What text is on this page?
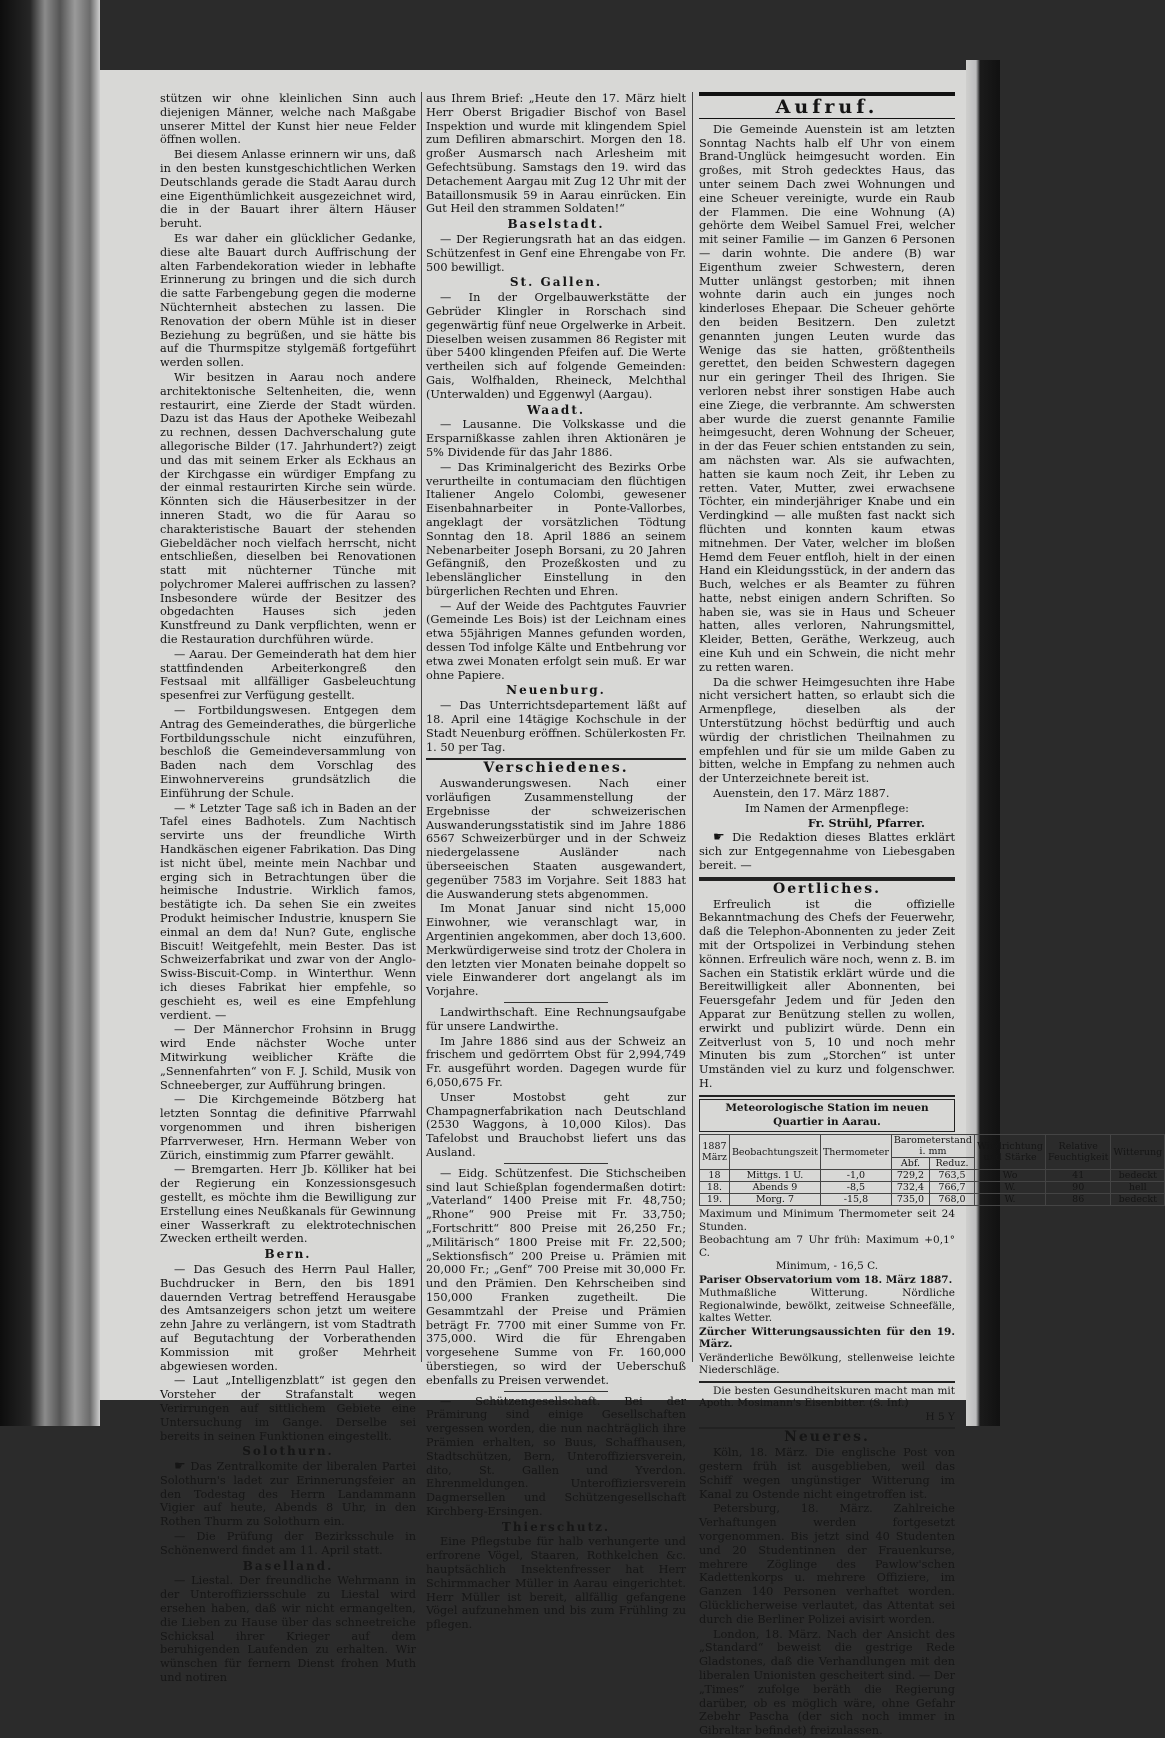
stützen wir ohne kleinlichen Sinn auch diejenigen Männer, welche nach Maßgabe unserer Mittel der Kunst hier neue Felder öffnen wollen.

Bei diesem Anlasse erinnern wir uns, daß in den besten kunstgeschichtlichen Werken Deutschlands gerade die Stadt Aarau durch eine Eigenthümlichkeit ausgezeichnet wird, die in der Bauart ihrer ältern Häuser beruht.

Es war daher ein glücklicher Gedanke, diese alte Bauart durch Auffrischung der alten Farbendekoration wieder in lebhafte Erinnerung zu bringen und die sich durch die satte Farbengebung gegen die moderne Nüchternheit abstechen zu lassen. Die Renovation der obern Mühle ist in dieser Beziehung zu begrüßen, und sie hätte bis auf die Thurmspitze stylgemäß fortgeführt werden sollen.

Wir besitzen in Aarau noch andere architektonische Seltenheiten, die, wenn restaurirt, eine Zierde der Stadt würden. Dazu ist das Haus der Apotheke Weibezahl zu rechnen, dessen Dachverschalung gute allegorische Bilder (17. Jahrhundert?) zeigt und das mit seinem Erker als Eckhaus an der Kirchgasse ein würdiger Empfang zu der einmal restaurirten Kirche sein würde. Könnten sich die Häuserbesitzer in der inneren Stadt, wo die für Aarau so charakteristische Bauart der stehenden Giebeldächer noch vielfach herrscht, nicht entschließen, dieselben bei Renovationen statt mit nüchterner Tünche mit polychromer Malerei auffrischen zu lassen? Insbesondere würde der Besitzer des obgedachten Hauses sich jeden Kunstfreund zu Dank verpflichten, wenn er die Restauration durchführen würde.

— Aarau. Der Gemeinderath hat dem hier stattfindenden Arbeiterkongreß den Festsaal mit allfälliger Gasbeleuchtung spesenfrei zur Verfügung gestellt.

— Fortbildungswesen. Entgegen dem Antrag des Gemeinderathes, die bürgerliche Fortbildungsschule nicht einzuführen, beschloß die Gemeindeversammlung von Baden nach dem Vorschlag des Einwohnervereins grundsätzlich die Einführung der Schule.

— * Letzter Tage saß ich in Baden an der Tafel eines Badhotels. Zum Nachtisch servirte uns der freundliche Wirth Handkäschen eigener Fabrikation. Das Ding ist nicht übel, meinte mein Nachbar und erging sich in Betrachtungen über die heimische Industrie. Wirklich famos, bestätigte ich. Da sehen Sie ein zweites Produkt heimischer Industrie, knuspern Sie einmal an dem da! Nun? Gute, englische Biscuit! Weitgefehlt, mein Bester. Das ist Schweizerfabrikat und zwar von der Anglo-Swiss-Biscuit-Comp. in Winterthur. Wenn ich dieses Fabrikat hier empfehle, so geschieht es, weil es eine Empfehlung verdient. —

— Der Männerchor Frohsinn in Brugg wird Ende nächster Woche unter Mitwirkung weiblicher Kräfte die „Sennenfahrten“ von F. J. Schild, Musik von Schneeberger, zur Aufführung bringen.

— Die Kirchgemeinde Bötzberg hat letzten Sonntag die definitive Pfarrwahl vorgenommen und ihren bisherigen Pfarrverweser, Hrn. Hermann Weber von Zürich, einstimmig zum Pfarrer gewählt.

— Bremgarten. Herr Jb. Kölliker hat bei der Regierung ein Konzessionsgesuch gestellt, es möchte ihm die Bewilligung zur Erstellung eines Neußkanals für Gewinnung einer Wasserkraft zu elektrotechnischen Zwecken ertheilt werden.

Bern.

— Das Gesuch des Herrn Paul Haller, Buchdrucker in Bern, den bis 1891 dauernden Vertrag betreffend Herausgabe des Amtsanzeigers schon jetzt um weitere zehn Jahre zu verlängern, ist vom Stadtrath auf Begutachtung der Vorberathenden Kommission mit großer Mehrheit abgewiesen worden.

— Laut „Intelligenzblatt“ ist gegen den Vorsteher der Strafanstalt wegen Verirrungen auf sittlichem Gebiete eine Untersuchung im Gange. Derselbe sei bereits in seinen Funktionen eingestellt.

Solothurn.

☛ Das Zentralkomite der liberalen Partei Solothurn's ladet zur Erinnerungsfeier an den Todestag des Herrn Landammann Vigier auf heute, Abends 8 Uhr, in den Rothen Thurm zu Solothurn ein.

— Die Prüfung der Bezirksschule in Schönenwerd findet am 11. April statt.

Baselland.

— Liestal. Der freundliche Wehrmann in der Unteroffiziersschule zu Liestal wird ersehen haben, daß wir nicht ermangelten, die Lieben zu Hause über das schneetreiche Schicksal ihrer Krieger auf dem beruhigenden Laufenden zu erhalten. Wir wünschen für fernern Dienst frohen Muth und notiren

aus Ihrem Brief: „Heute den 17. März hielt Herr Oberst Brigadier Bischof von Basel Inspektion und wurde mit klingendem Spiel zum Defiliren abmarschirt. Morgen den 18. großer Ausmarsch nach Arlesheim mit Gefechtsübung. Samstags den 19. wird das Detachement Aargau mit Zug 12 Uhr mit der Bataillonsmusik 59 in Aarau einrücken. Ein Gut Heil den strammen Soldaten!“

Baselstadt.

— Der Regierungsrath hat an das eidgen. Schützenfest in Genf eine Ehrengabe von Fr. 500 bewilligt.

St. Gallen.

— In der Orgelbauwerkstätte der Gebrüder Klingler in Rorschach sind gegenwärtig fünf neue Orgelwerke in Arbeit. Dieselben weisen zusammen 86 Register mit über 5400 klingenden Pfeifen auf. Die Werte vertheilen sich auf folgende Gemeinden: Gais, Wolfhalden, Rheineck, Melchthal (Unterwalden) und Eggenwyl (Aargau).

Waadt.

— Lausanne. Die Volkskasse und die Ersparnißkasse zahlen ihren Aktionären je 5% Dividende für das Jahr 1886.

— Das Kriminalgericht des Bezirks Orbe verurtheilte in contumaciam den flüchtigen Italiener Angelo Colombi, gewesener Eisenbahnarbeiter in Ponte-Vallorbes, angeklagt der vorsätzlichen Tödtung Sonntag den 18. April 1886 an seinem Nebenarbeiter Joseph Borsani, zu 20 Jahren Gefängniß, den Prozeßkosten und zu lebenslänglicher Einstellung in den bürgerlichen Rechten und Ehren.

— Auf der Weide des Pachtgutes Fauvrier (Gemeinde Les Bois) ist der Leichnam eines etwa 55jährigen Mannes gefunden worden, dessen Tod infolge Kälte und Entbehrung vor etwa zwei Monaten erfolgt sein muß. Er war ohne Papiere.

Neuenburg.

— Das Unterrichtsdepartement läßt auf 18. April eine 14tägige Kochschule in der Stadt Neuenburg eröffnen. Schülerkosten Fr. 1. 50 per Tag.

Verschiedenes.

Auswanderungswesen. Nach einer vorläufigen Zusammenstellung der Ergebnisse der schweizerischen Auswanderungsstatistik sind im Jahre 1886 6567 Schweizerbürger und in der Schweiz niedergelassene Ausländer nach überseeischen Staaten ausgewandert, gegenüber 7583 im Vorjahre. Seit 1883 hat die Auswanderung stets abgenommen.

Im Monat Januar sind nicht 15,000 Einwohner, wie veranschlagt war, in Argentinien angekommen, aber doch 13,600. Merkwürdigerweise sind trotz der Cholera in den letzten vier Monaten beinahe doppelt so viele Einwanderer dort angelangt als im Vorjahre.

Landwirthschaft. Eine Rechnungsaufgabe für unsere Landwirthe.

Im Jahre 1886 sind aus der Schweiz an frischem und gedörrtem Obst für 2,994,749 Fr. ausgeführt worden. Dagegen wurde für 6,050,675 Fr.

Unser Mostobst geht zur Champagnerfabrikation nach Deutschland (2530 Waggons, à 10,000 Kilos). Das Tafelobst und Brauchobst liefert uns das Ausland.

— Eidg. Schützenfest. Die Stichscheiben sind laut Schießplan fogendermaßen dotirt: „Vaterland“ 1400 Preise mit Fr. 48,750; „Rhone“ 900 Preise mit Fr. 33,750; „Fortschritt“ 800 Preise mit 26,250 Fr.; „Militärisch“ 1800 Preise mit Fr. 22,500; „Sektionsfisch“ 200 Preise u. Prämien mit 20,000 Fr.; „Genf“ 700 Preise mit 30,000 Fr. und den Prämien. Den Kehrscheiben sind 150,000 Franken zugetheilt. Die Gesammtzahl der Preise und Prämien beträgt Fr. 7700 mit einer Summe von Fr. 375,000. Wird die für Ehrengaben vorgesehene Summe von Fr. 160,000 überstiegen, so wird der Ueberschuß ebenfalls zu Preisen verwendet.

— Schützengesellschaft. Bei der Prämirung sind einige Gesellschaften vergessen worden, die nun nachträglich ihre Prämien erhalten, so Buus, Schaffhausen, Stadtschützen, Bern, Unteroffiziersverein, dito, St. Gallen und Yverdon. Ehrenmeldungen. Unteroffiziersverein Dagmersellen und Schützengesellschaft Kirchberg-Ersingen.

Thierschutz.

Eine Pflegstube für halb verhungerte und erfrorene Vögel, Staaren, Rothkelchen &c. hauptsächlich Insektenfresser hat Herr Schirmmacher Müller in Aarau eingerichtet. Herr Müller ist bereit, allfällig gefangene Vögel aufzunehmen und bis zum Frühling zu pflegen.

Aufruf.

Die Gemeinde Auenstein ist am letzten Sonntag Nachts halb elf Uhr von einem Brand-Unglück heimgesucht worden. Ein großes, mit Stroh gedecktes Haus, das unter seinem Dach zwei Wohnungen und eine Scheuer vereinigte, wurde ein Raub der Flammen. Die eine Wohnung (A) gehörte dem Weibel Samuel Frei, welcher mit seiner Familie — im Ganzen 6 Personen — darin wohnte. Die andere (B) war Eigenthum zweier Schwestern, deren Mutter unlängst gestorben; mit ihnen wohnte darin auch ein junges noch kinderloses Ehepaar. Die Scheuer gehörte den beiden Besitzern. Den zuletzt genannten jungen Leuten wurde das Wenige das sie hatten, größtentheils gerettet, den beiden Schwestern dagegen nur ein geringer Theil des Ihrigen. Sie verloren nebst ihrer sonstigen Habe auch eine Ziege, die verbrannte. Am schwersten aber wurde die zuerst genannte Familie heimgesucht, deren Wohnung der Scheuer, in der das Feuer schien entstanden zu sein, am nächsten war. Als sie aufwachten, hatten sie kaum noch Zeit, ihr Leben zu retten. Vater, Mutter, zwei erwachsene Töchter, ein minderjähriger Knabe und ein Verdingkind — alle mußten fast nackt sich flüchten und konnten kaum etwas mitnehmen. Der Vater, welcher im bloßen Hemd dem Feuer entfloh, hielt in der einen Hand ein Kleidungsstück, in der andern das Buch, welches er als Beamter zu führen hatte, nebst einigen andern Schriften. So haben sie, was sie in Haus und Scheuer hatten, alles verloren, Nahrungsmittel, Kleider, Betten, Geräthe, Werkzeug, auch eine Kuh und ein Schwein, die nicht mehr zu retten waren.

Da die schwer Heimgesuchten ihre Habe nicht versichert hatten, so erlaubt sich die Armenpflege, dieselben als der Unterstützung höchst bedürftig und auch würdig der christlichen Theilnahmen zu empfehlen und für sie um milde Gaben zu bitten, welche in Empfang zu nehmen auch der Unterzeichnete bereit ist.

Auenstein, den 17. März 1887.

Im Namen der Armenpflege:

Fr. Strühl, Pfarrer.

☛ Die Redaktion dieses Blattes erklärt sich zur Entgegennahme von Liebesgaben bereit. —

Oertliches.

Erfreulich ist die offizielle Bekanntmachung des Chefs der Feuerwehr, daß die Telephon-Abonnenten zu jeder Zeit mit der Ortspolizei in Verbindung stehen können. Erfreulich wäre noch, wenn z. B. im Sachen ein Statistik erklärt würde und die Bereitwilligkeit aller Abonnenten, bei Feuersgefahr Jedem und für Jeden den Apparat zur Benützung stellen zu wollen, erwirkt und publizirt würde. Denn ein Zeitverlust von 5, 10 und noch mehr Minuten bis zum „Storchen“ ist unter Umständen viel zu kurz und folgenschwer. H.

Meteorologische Station im neuen Quartier in Aarau.
1887 März	Beobachtungszeit	Thermometer	Barometerstand i. mm		Windrichtung und Stärke	Relative Feuchtigkeit	Witterung
			Abf.	Reduz.			
18	Mittgs. 1 U.	-1,0	729,2	763,5	Wo	41	bedeckt
18.	Abends 9	-8,5	732,4	766,7	W.	90	hell
19.	Morg. 7	-15,8	735,0	768,0	W.	86	bedeckt

Maximum und Minimum Thermometer seit 24 Stunden.

Beobachtung am 7 Uhr früh: Maximum +0,1° C.

Minimum, - 16,5 C.

Pariser Observatorium vom 18. März 1887.

Muthmaßliche Witterung. Nördliche Regionalwinde, bewölkt, zeitweise Schneefälle, kaltes Wetter.

Zürcher Witterungsaussichten für den 19. März.

Veränderliche Bewölkung, stellenweise leichte Niederschläge.

Die besten Gesundheitskuren macht man mit Apoth. Mosimann's Eisenbitter. (S. Inf.)

H 5 Y

Neueres.

Köln, 18. März. Die englische Post von gestern früh ist ausgeblieben, weil das Schiff wegen ungünstiger Witterung im Kanal zu Ostende nicht eingetroffen ist.

Petersburg, 18. März. Zahlreiche Verhaftungen werden fortgesetzt vorgenommen. Bis jetzt sind 40 Studenten und 20 Studentinnen der Frauenkurse, mehrere Zöglinge des Pawlow'schen Kadettenkorps u. mehrere Offiziere, im Ganzen 140 Personen verhaftet worden. Glücklicherweise verlautet, das Attentat sei durch die Berliner Polizei avisirt worden.

London, 18. März. Nach der Ansicht des „Standard“ beweist die gestrige Rede Gladstones, daß die Verhandlungen mit den liberalen Unionisten gescheitert sind. — Der „Times“ zufolge beräth die Regierung darüber, ob es möglich wäre, ohne Gefahr Zebehr Pascha (der sich noch immer in Gibraltar befindet) freizulassen.
